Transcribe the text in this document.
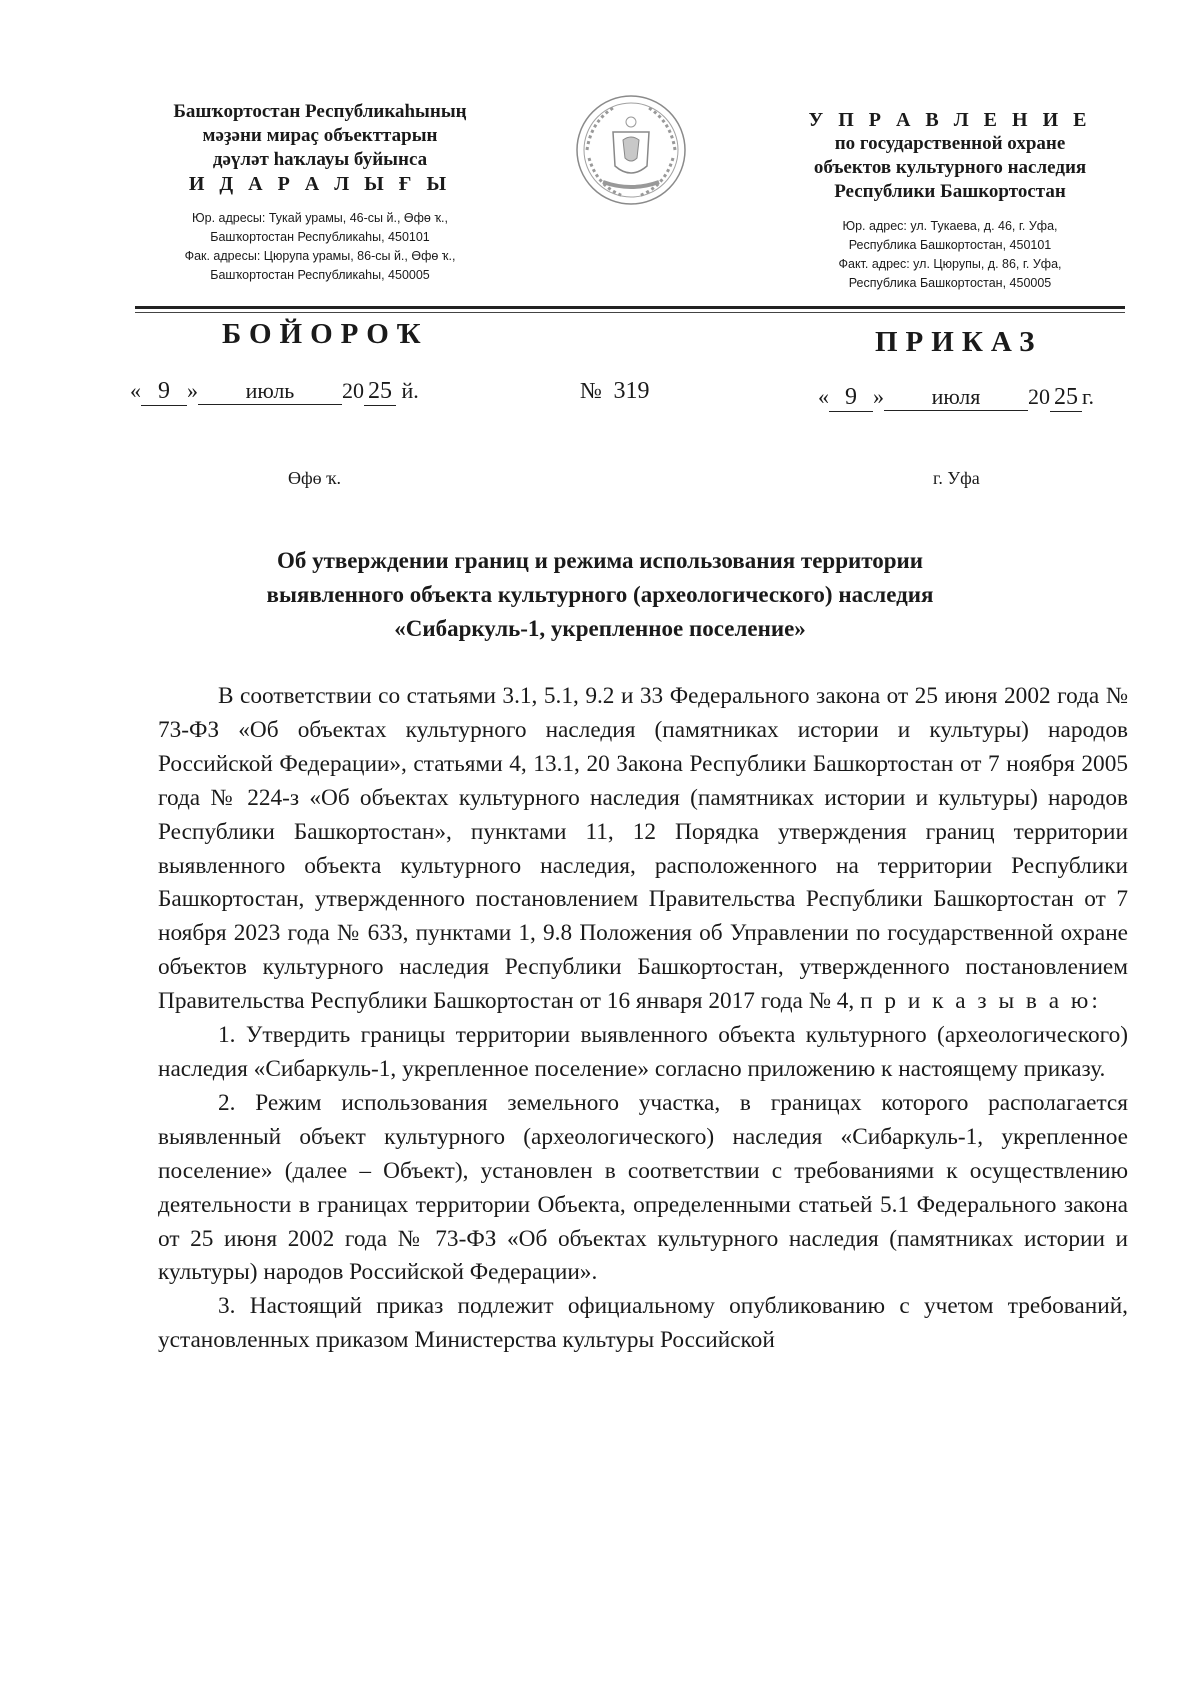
Башҡортостан Республикаһының
мәҙәни мираҫ объекттарын
дәүләт һаҡлауы буйынса
И Д А Р А Л Ы Ғ Ы
Юр. адресы: Тукай урамы, 46-сы й., Өфө ҡ.,
Башҡортостан Республикаһы, 450101
Фак. адресы: Цюрупа урамы, 86-сы й., Өфө ҡ.,
Башҡортостан Республикаһы, 450005
У П Р А В Л Е Н И Е
по государственной охране
объектов культурного наследия
Республики Башкортостан
Юр. адрес: ул. Тукаева, д. 46, г. Уфа,
Республика Башкортостан, 450101
Факт. адрес: ул. Цюрупы, д. 86, г. Уфа,
Республика Башкортостан, 450005
БОЙОРОҠ	ПРИКАЗ
« 9 » июль 20 25 й.	№ 319	« 9 » июля 20 25 г.
Өфө ҡ.	г. Уфа
Об утверждении границ и режима использования территории
выявленного объекта культурного (археологического) наследия
«Сибаркуль-1, укрепленное поселение»

В соответствии со статьями 3.1, 5.1, 9.2 и 33 Федерального закона от 25 июня 2002 года № 73-ФЗ «Об объектах культурного наследия (памятниках истории и культуры) народов Российской Федерации», статьями 4, 13.1, 20 Закона Республики Башкортостан от 7 ноября 2005 года № 224-з «Об объектах культурного наследия (памятниках истории и культуры) народов Республики Башкортостан», пунктами 11, 12 Порядка утверждения границ территории выявленного объекта культурного наследия, расположенного на территории Республики Башкортостан, утвержденного постановлением Правительства Республики Башкортостан от 7 ноября 2023 года № 633, пунктами 1, 9.8 Положения об Управлении по государственной охране объектов культурного наследия Республики Башкортостан, утвержденного постановлением Правительства Республики Башкортостан от 16 января 2017 года № 4, п р и к а з ы в а ю:

1. Утвердить границы территории выявленного объекта культурного (археологического) наследия «Сибаркуль-1, укрепленное поселение» согласно приложению к настоящему приказу.

2. Режим использования земельного участка, в границах которого располагается выявленный объект культурного (археологического) наследия «Сибаркуль-1, укрепленное поселение» (далее – Объект), установлен в соответствии с требованиями к осуществлению деятельности в границах территории Объекта, определенными статьей 5.1 Федерального закона от 25 июня 2002 года № 73-ФЗ «Об объектах культурного наследия (памятниках истории и культуры) народов Российской Федерации».

3. Настоящий приказ подлежит официальному опубликованию с учетом требований, установленных приказом Министерства культуры Российской
